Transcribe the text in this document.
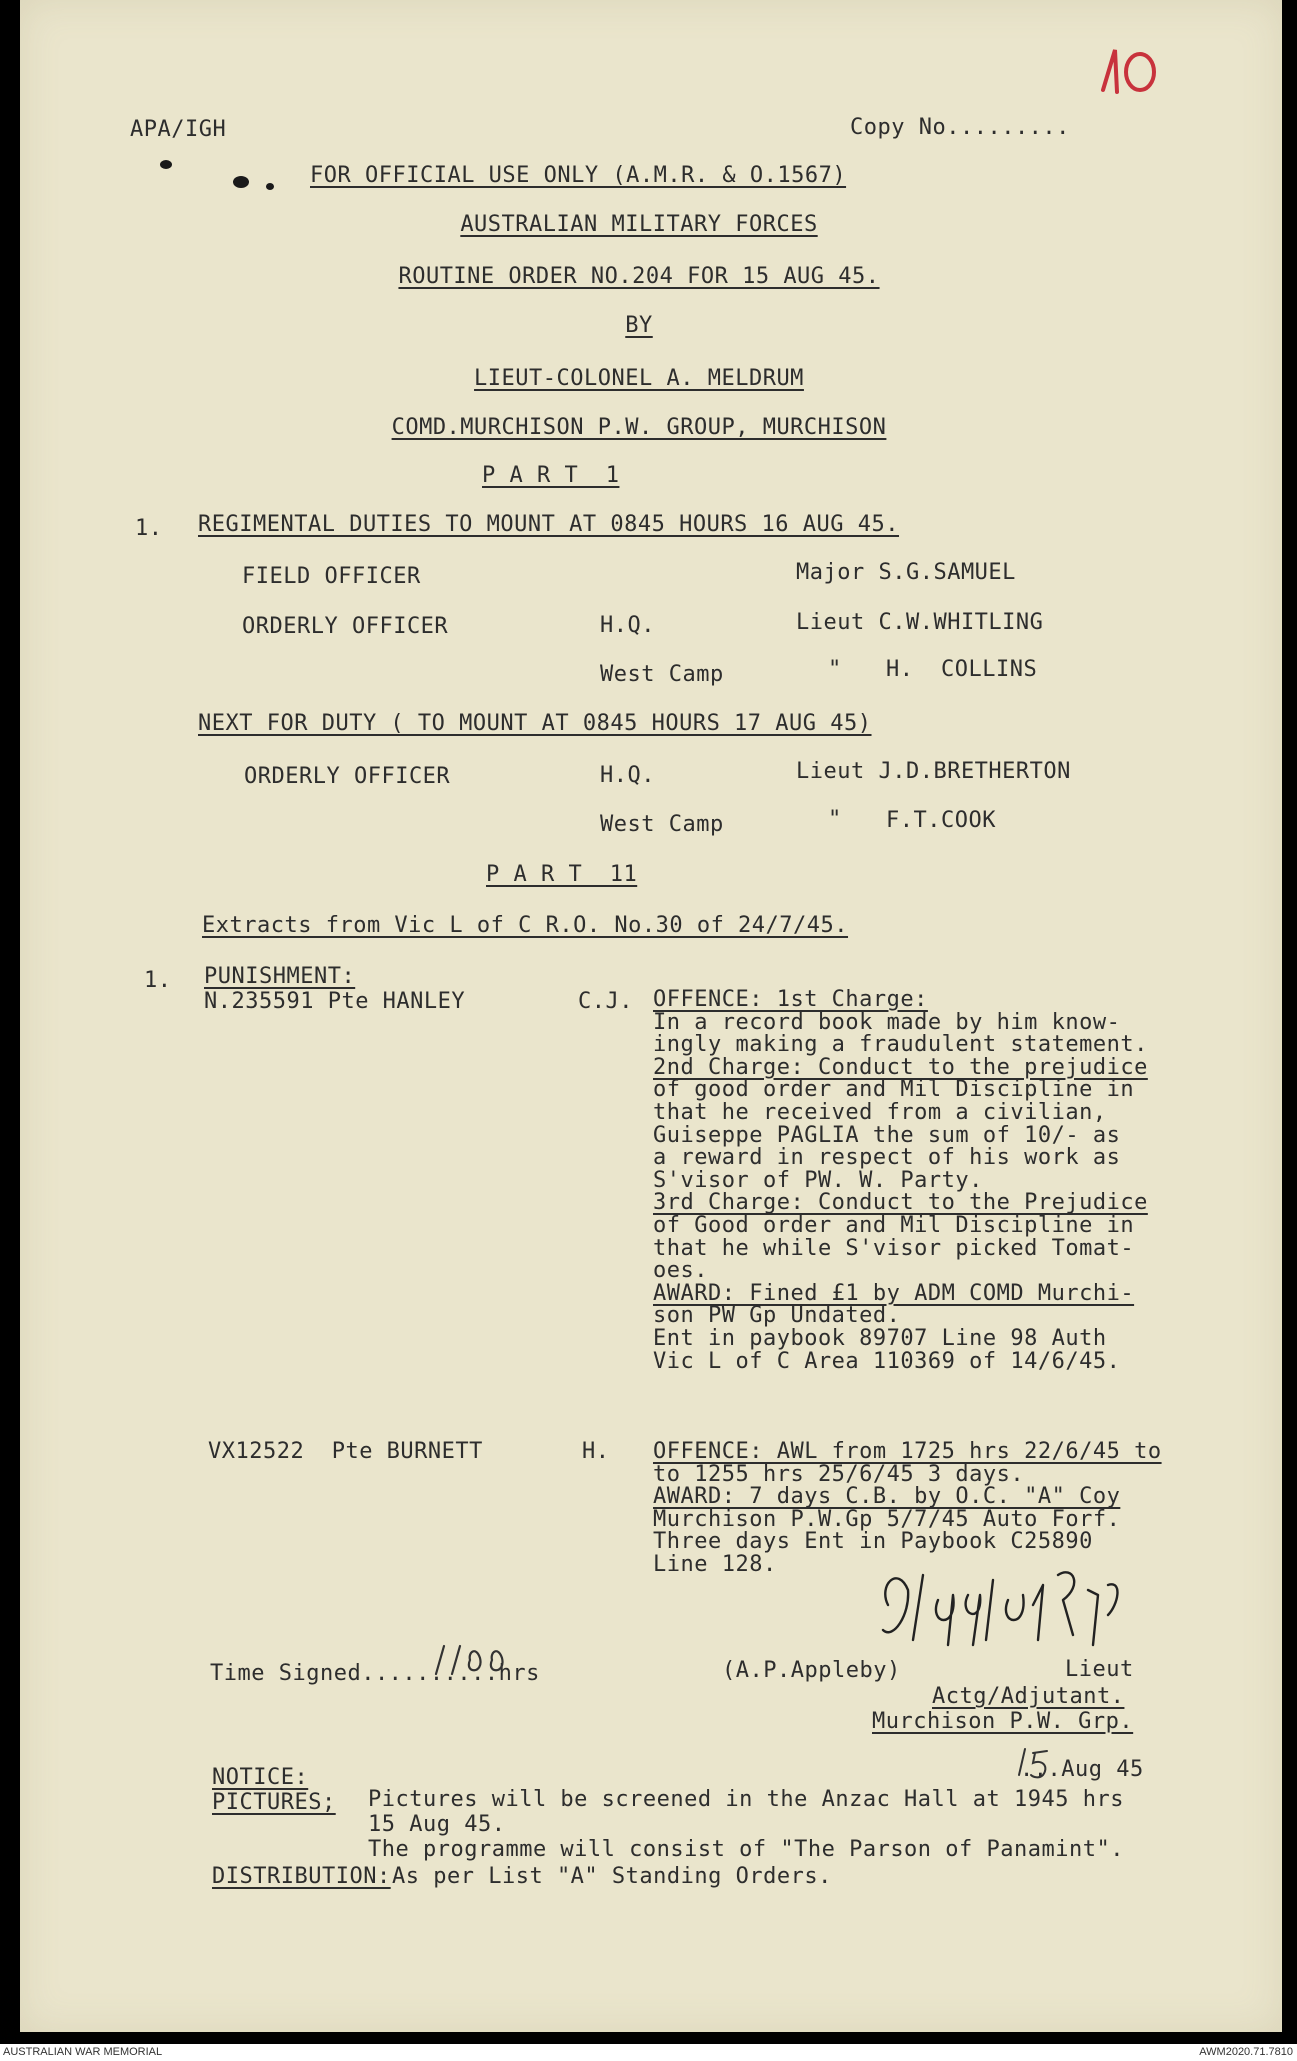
APA/IGH	Copy No.........
FOR OFFICIAL USE ONLY (A.M.R. & O.1567)
AUSTRALIAN MILITARY FORCES
ROUTINE ORDER NO.204 FOR 15 AUG 45.
BY
LIEUT-COLONEL A. MELDRUM
COMD.MURCHISON P.W. GROUP, MURCHISON
P A R T  1
1. REGIMENTAL DUTIES TO MOUNT AT 0845 HOURS 16 AUG 45.
FIELD OFFICER	Major S.G.SAMUEL
ORDERLY OFFICER	H.Q.	Lieut C.W.WHITLING
West Camp	" H.  COLLINS
NEXT FOR DUTY ( TO MOUNT AT 0845 HOURS 17 AUG 45)
ORDERLY OFFICER	H.Q.	Lieut J.D.BRETHERTON
West Camp	" F.T.COOK
P A R T  11
Extracts from Vic L of C R.O. No.30 of 24/7/45.
1. PUNISHMENT:
N.235591 Pte HANLEY	C.J. OFFENCE: 1st Charge:
In a record book made by him know-
ingly making a fraudulent statement.
2nd Charge: Conduct to the prejudice
of good order and Mil Discipline in
that he received from a civilian,
Guiseppe PAGLIA the sum of 10/- as
a reward in respect of his work as
S'visor of PW. W. Party.
3rd Charge: Conduct to the Prejudice
of Good order and Mil Discipline in
that he while S'visor picked Tomat-
oes.
AWARD: Fined £1 by ADM COMD Murchi-
son PW Gp Undated.
Ent in paybook 89707 Line 98 Auth
Vic L of C Area 110369 of 14/6/45.
VX12522  Pte BURNETT	H. OFFENCE: AWL from 1725 hrs 22/6/45 to
to 1255 hrs 25/6/45 3 days.
AWARD: 7 days C.B. by O.C. "A" Coy
Murchison P.W.Gp 5/7/45 Auto Forf.
Three days Ent in Paybook C25890
Line 128.
Time Signed..........hrs	(A.P.Appleby)	Lieut
Actg/Adjutant.
Murchison P.W. Grp.
...Aug 45
NOTICE:
PICTURES; Pictures will be screened in the Anzac Hall at 1945 hrs
15 Aug 45.
The programme will consist of "The Parson of Panamint".
DISTRIBUTION: As per List "A" Standing Orders.
AUSTRALIAN WAR MEMORIAL	AWM2020.71.7810
